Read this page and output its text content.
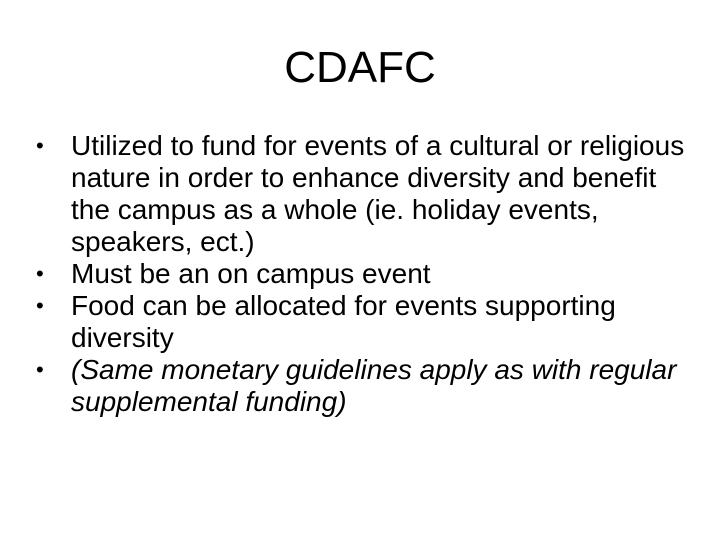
CDAFC
• Utilized to fund for events of a cultural or religious nature in order to enhance diversity and benefit the campus as a whole (ie. holiday events, speakers, ect.)
• Must be an on campus event
• Food can be allocated for events supporting diversity
• (Same monetary guidelines apply as with regular supplemental funding)
